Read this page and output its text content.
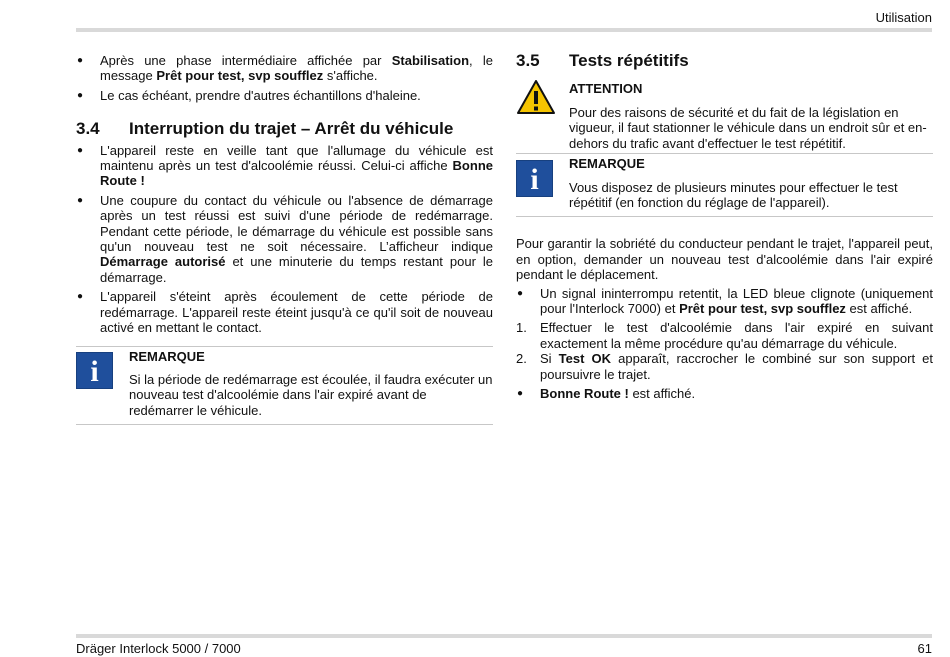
Utilisation
● Après une phase intermédiaire affichée par Stabilisation, le message Prêt pour test, svp soufflez s'affiche.
● Le cas échéant, prendre d'autres échantillons d'haleine.
3.4 Interruption du trajet – Arrêt du véhicule
● L'appareil reste en veille tant que l'allumage du véhicule est maintenu après un test d'alcoolémie réussi. Celui-ci affiche Bonne Route !
● Une coupure du contact du véhicule ou l'absence de démarrage après un test réussi est suivi d'une période de redémarrage. Pendant cette période, le démarrage du véhicule est possible sans qu'un nouveau test ne soit nécessaire. L’afficheur indique Démarrage autorisé et une minuterie du temps restant pour le démarrage.
● L'appareil s'éteint après écoulement de cette période de redémarrage. L'appareil reste éteint jusqu'à ce qu'il soit de nouveau activé en mettant le contact.
i	REMARQUE
Si la période de redémarrage est écoulée, il faudra exécuter un nouveau test d'alcoolémie dans l'air expiré avant de redémarrer le véhicule.
3.5 Tests répétitifs
ATTENTION
Pour des raisons de sécurité et du fait de la législation en vigueur, il faut stationner le véhicule dans un endroit sûr et en-dehors du trafic avant d'effectuer le test répétitif.
i	REMARQUE
Vous disposez de plusieurs minutes pour effectuer le test répétitif (en fonction du réglage de l'appareil).
Pour garantir la sobriété du conducteur pendant le trajet, l'appareil peut, en option, demander un nouveau test d'alcoolémie dans l'air expiré pendant le déplacement.
● Un signal ininterrompu retentit, la LED bleue clignote (uniquement pour l'Interlock 7000) et Prêt pour test, svp soufflez est affiché.
1. Effectuer le test d'alcoolémie dans l'air expiré en suivant exactement la même procédure qu'au démarrage du véhicule.
2. Si Test OK apparaît, raccrocher le combiné sur son support et poursuivre le trajet.
● Bonne Route ! est affiché.
Dräger Interlock 5000 / 7000	61
